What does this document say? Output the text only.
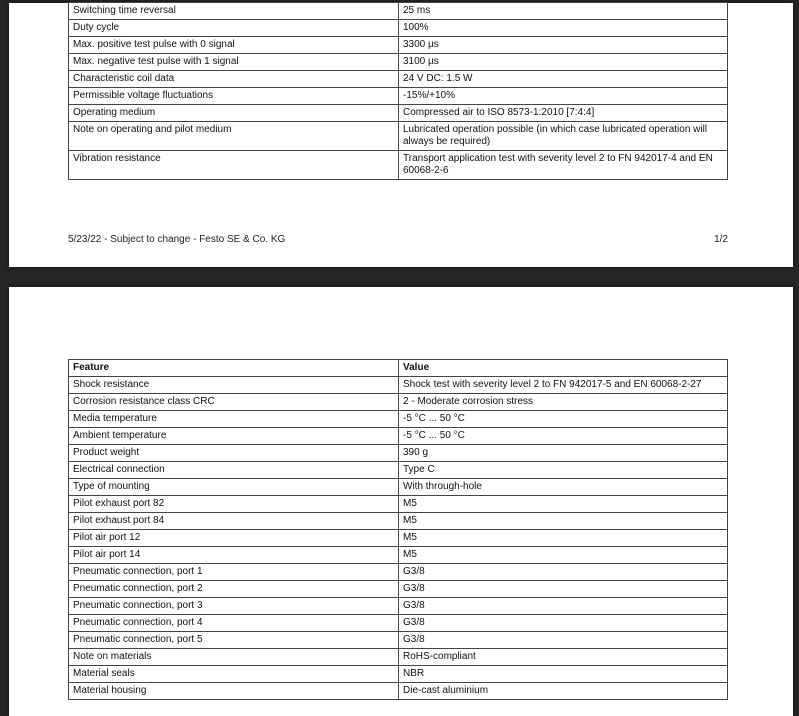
Switching time reversal	25 ms
Duty cycle	100%
Max. positive test pulse with 0 signal	3300 µs
Max. negative test pulse with 1 signal	3100 µs
Characteristic coil data	24 V DC: 1.5 W
Permissible voltage fluctuations	-15%/+10%
Operating medium	Compressed air to ISO 8573-1:2010 [7:4:4]
Note on operating and pilot medium	Lubricated operation possible (in which case lubricated operation will always be required)
Vibration resistance	Transport application test with severity level 2 to FN 942017-4 and EN 60068-2-6
5/23/22 - Subject to change - Festo SE & Co. KG	1/2
Feature	Value
Shock resistance	Shock test with severity level 2 to FN 942017-5 and EN 60068-2-27
Corrosion resistance class CRC	2 - Moderate corrosion stress
Media temperature	-5 °C ... 50 °C
Ambient temperature	-5 °C ... 50 °C
Product weight	390 g
Electrical connection	Type C
Type of mounting	With through-hole
Pilot exhaust port 82	M5
Pilot exhaust port 84	M5
Pilot air port 12	M5
Pilot air port 14	M5
Pneumatic connection, port 1	G3/8
Pneumatic connection, port 2	G3/8
Pneumatic connection, port 3	G3/8
Pneumatic connection, port 4	G3/8
Pneumatic connection, port 5	G3/8
Note on materials	RoHS-compliant
Material seals	NBR
Material housing	Die-cast aluminium
